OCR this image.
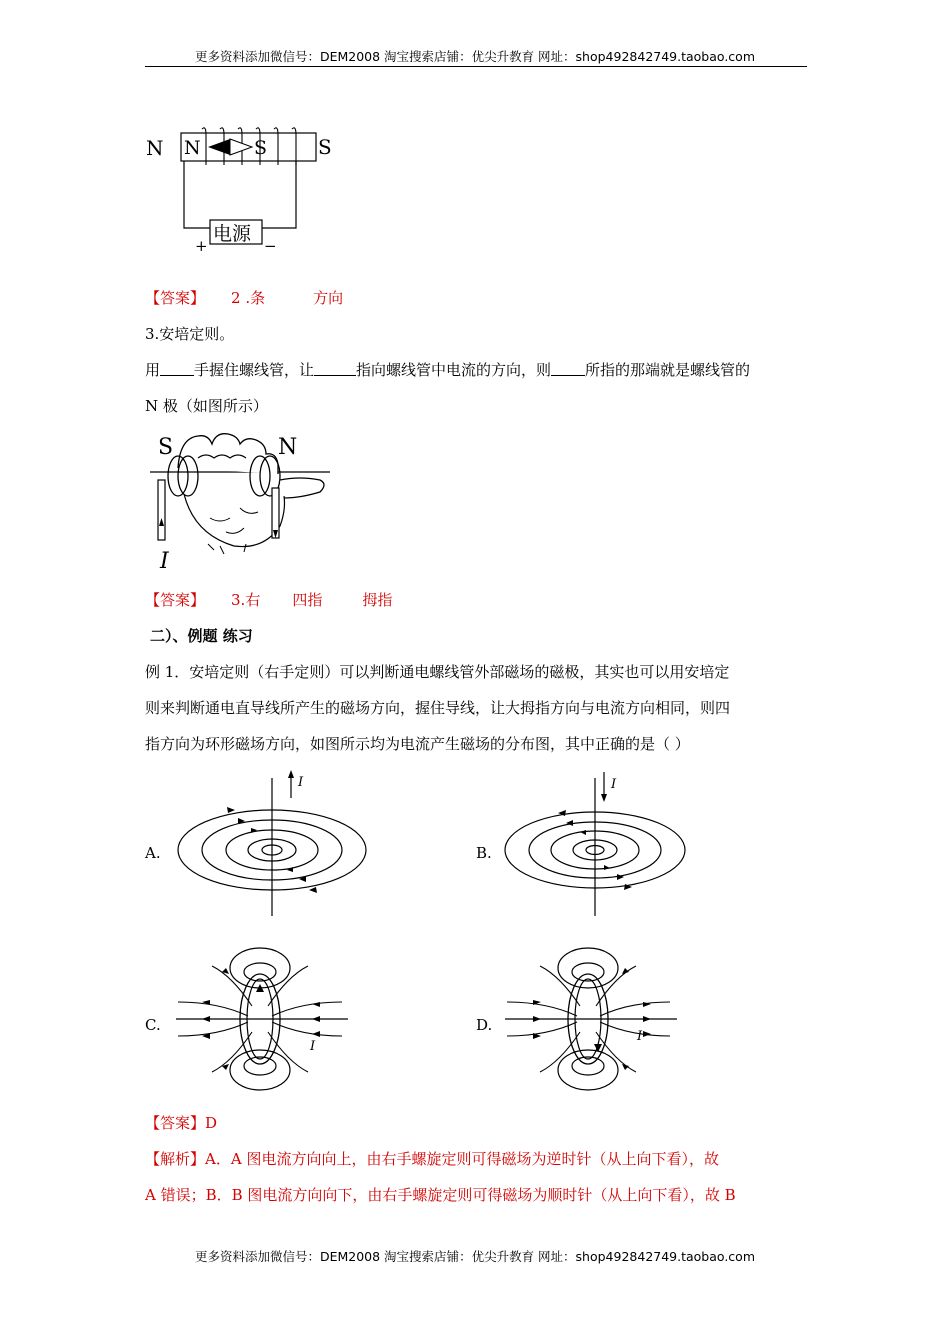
更多资料添加微信号：DEM2008 淘宝搜索店铺：优尖升教育 网址：shop492842749.taobao.com
N	S
N	S
电源
+	−
【答案】 2 .条	方向
3.安培定则。
用 手握住螺线管，让	指向螺线管中电流的方向，则 所指的那端就是螺线管的
N 极（如图所示）
S	N
I
【答案】 3.右 四指	拇指
二）、例题 练习
例 1．安培定则（右手定则）可以判断通电螺线管外部磁场的磁极，其实也可以用安培定
则来判断通电直导线所产生的磁场方向，握住导线，让大拇指方向与电流方向相同，则四
指方向为环形磁场方向，如图所示均为电流产生磁场的分布图，其中正确的是（ ）
A.	B.
C.	D.
I	I
I
I
【答案】D
【解析】A．A 图电流方向向上，由右手螺旋定则可得磁场为逆时针（从上向下看），故
A 错误；B．B 图电流方向向下，由右手螺旋定则可得磁场为顺时针（从上向下看），故 B
更多资料添加微信号：DEM2008 淘宝搜索店铺：优尖升教育 网址：shop492842749.taobao.com
